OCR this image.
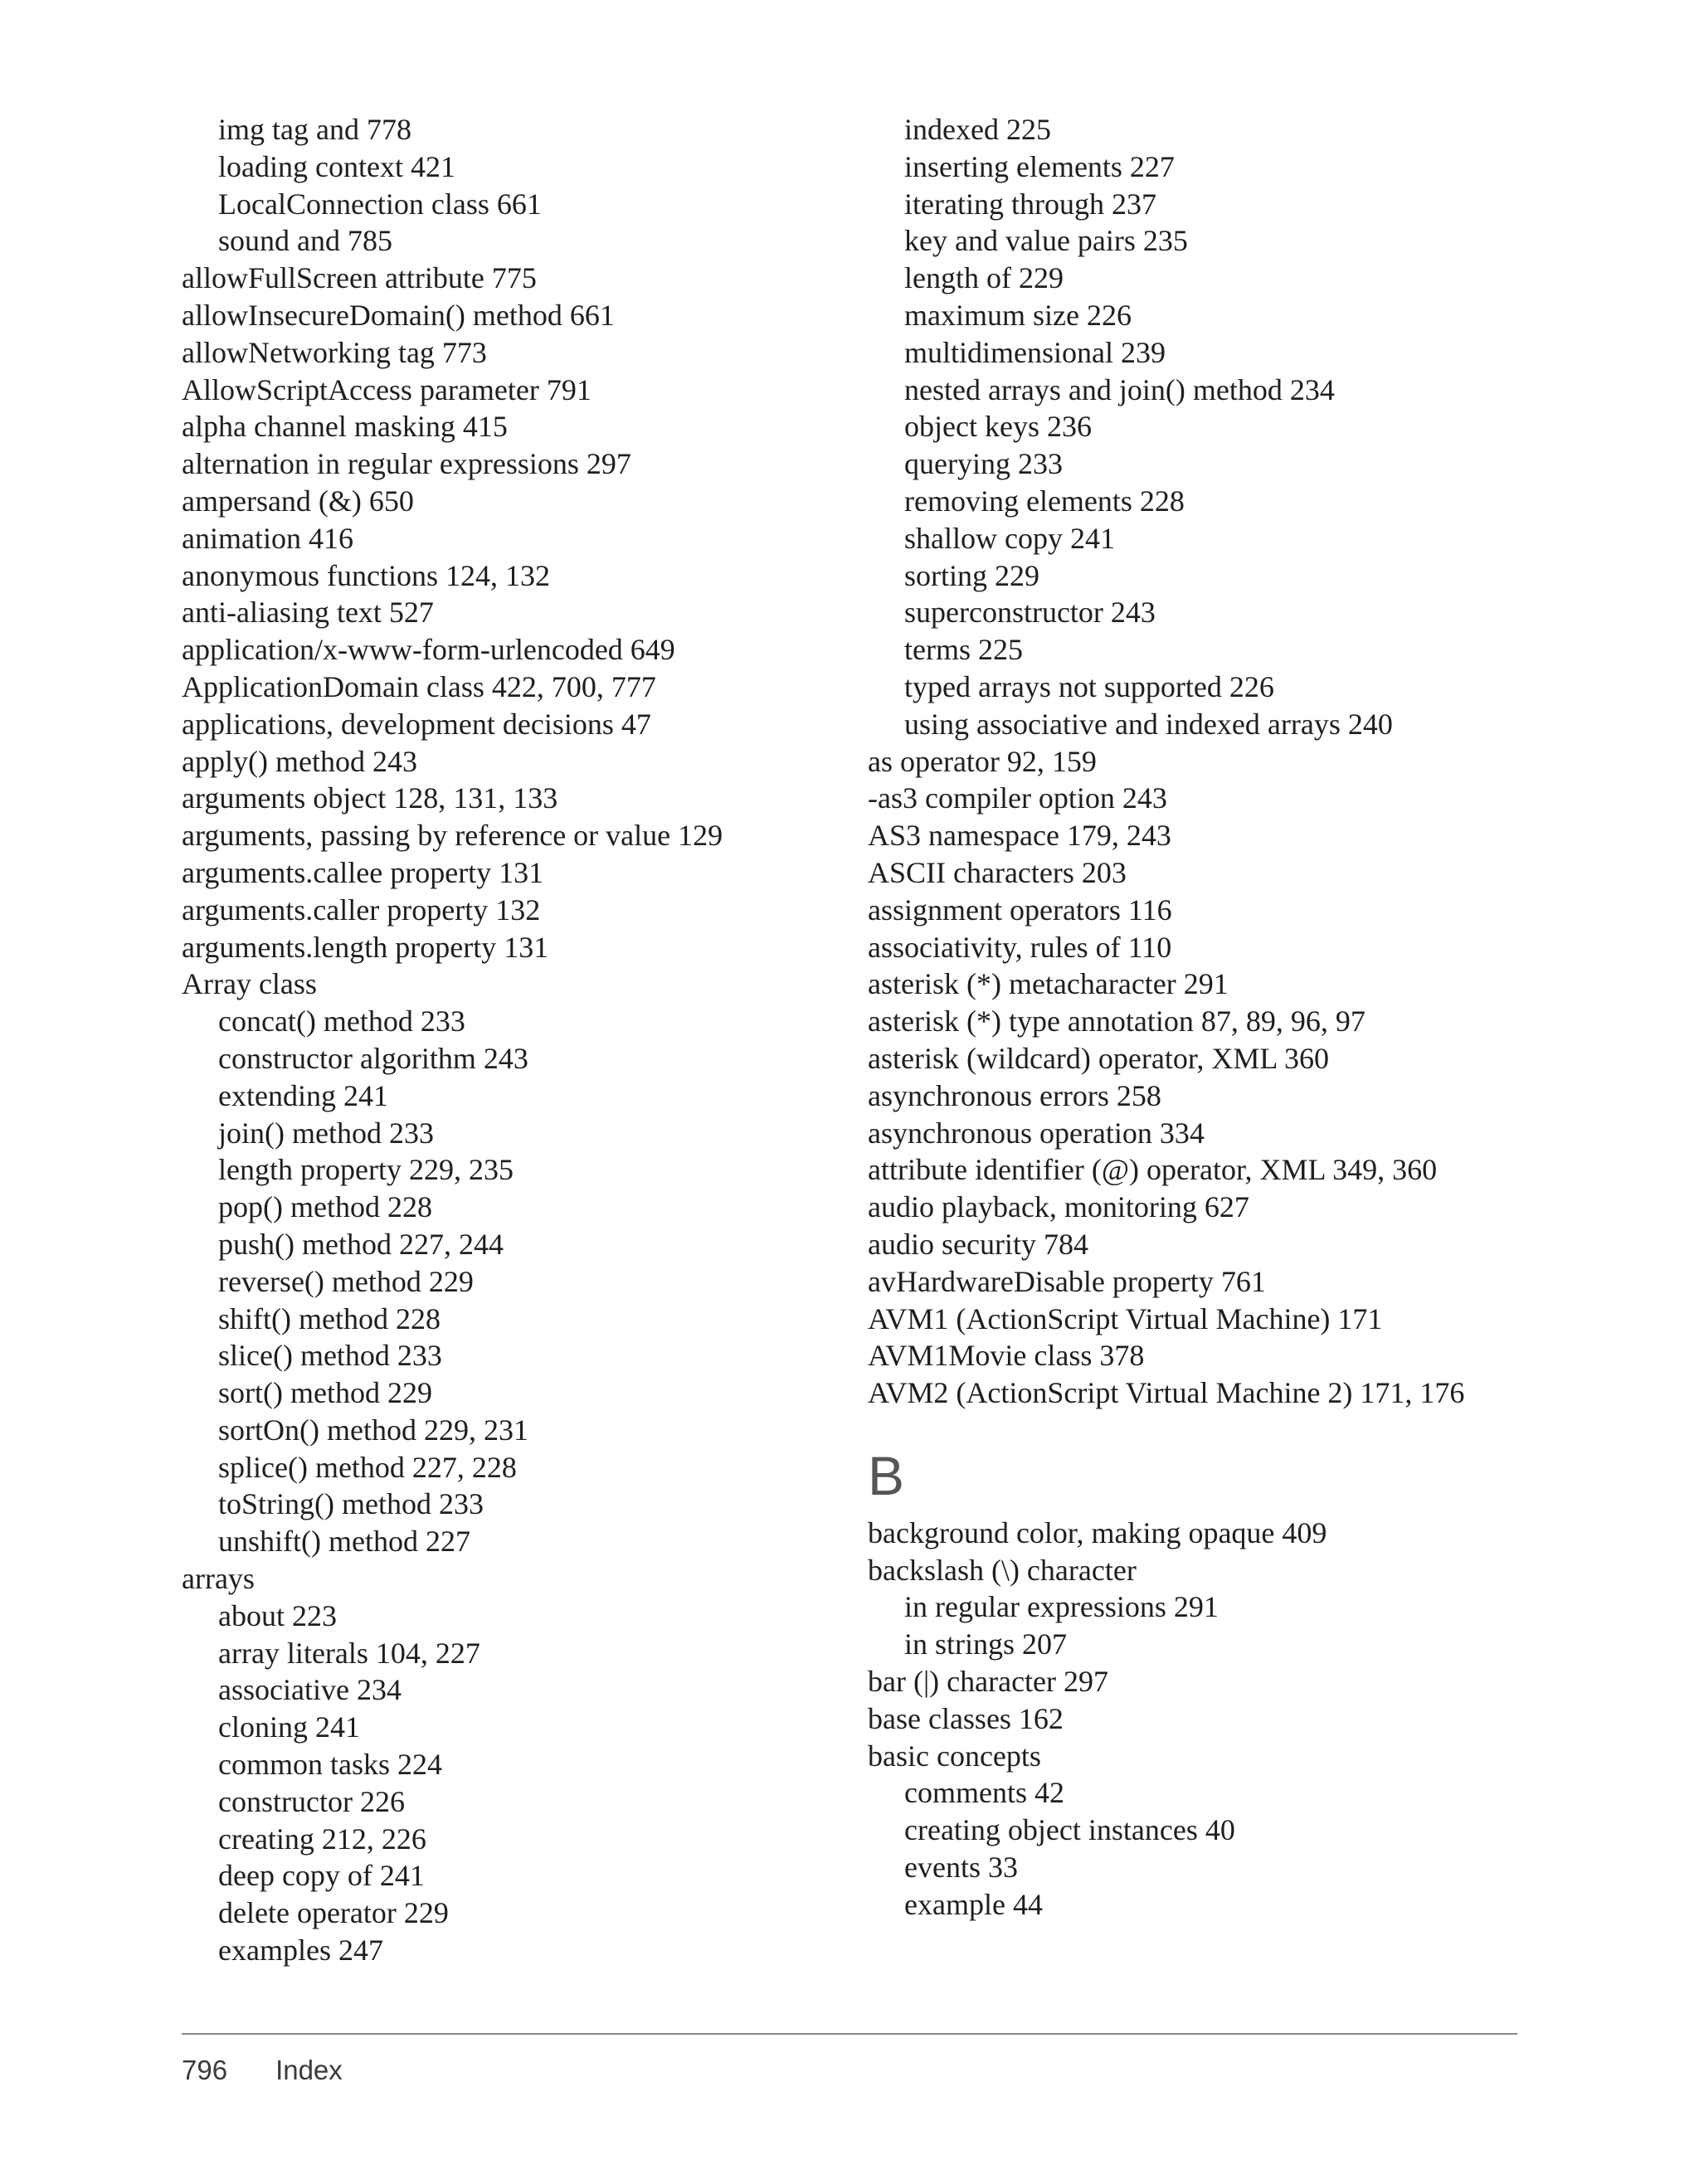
img tag and 778
loading context 421
LocalConnection class 661
sound and 785
allowFullScreen attribute 775
allowInsecureDomain() method 661
allowNetworking tag 773
AllowScriptAccess parameter 791
alpha channel masking 415
alternation in regular expressions 297
ampersand (&) 650
animation 416
anonymous functions 124, 132
anti-aliasing text 527
application/x-www-form-urlencoded 649
ApplicationDomain class 422, 700, 777
applications, development decisions 47
apply() method 243
arguments object 128, 131, 133
arguments, passing by reference or value 129
arguments.callee property 131
arguments.caller property 132
arguments.length property 131
Array class
concat() method 233
constructor algorithm 243
extending 241
join() method 233
length property 229, 235
pop() method 228
push() method 227, 244
reverse() method 229
shift() method 228
slice() method 233
sort() method 229
sortOn() method 229, 231
splice() method 227, 228
toString() method 233
unshift() method 227
arrays
about 223
array literals 104, 227
associative 234
cloning 241
common tasks 224
constructor 226
creating 212, 226
deep copy of 241
delete operator 229
examples 247
indexed 225
inserting elements 227
iterating through 237
key and value pairs 235
length of 229
maximum size 226
multidimensional 239
nested arrays and join() method 234
object keys 236
querying 233
removing elements 228
shallow copy 241
sorting 229
superconstructor 243
terms 225
typed arrays not supported 226
using associative and indexed arrays 240
as operator 92, 159
-as3 compiler option 243
AS3 namespace 179, 243
ASCII characters 203
assignment operators 116
associativity, rules of 110
asterisk (*) metacharacter 291
asterisk (*) type annotation 87, 89, 96, 97
asterisk (wildcard) operator, XML 360
asynchronous errors 258
asynchronous operation 334
attribute identifier (@) operator, XML 349, 360
audio playback, monitoring 627
audio security 784
avHardwareDisable property 761
AVM1 (ActionScript Virtual Machine) 171
AVM1Movie class 378
AVM2 (ActionScript Virtual Machine 2) 171, 176
B
background color, making opaque 409
backslash (\) character
in regular expressions 291
in strings 207
bar (|) character 297
base classes 162
basic concepts
comments 42
creating object instances 40
events 33
example 44
796 Index
